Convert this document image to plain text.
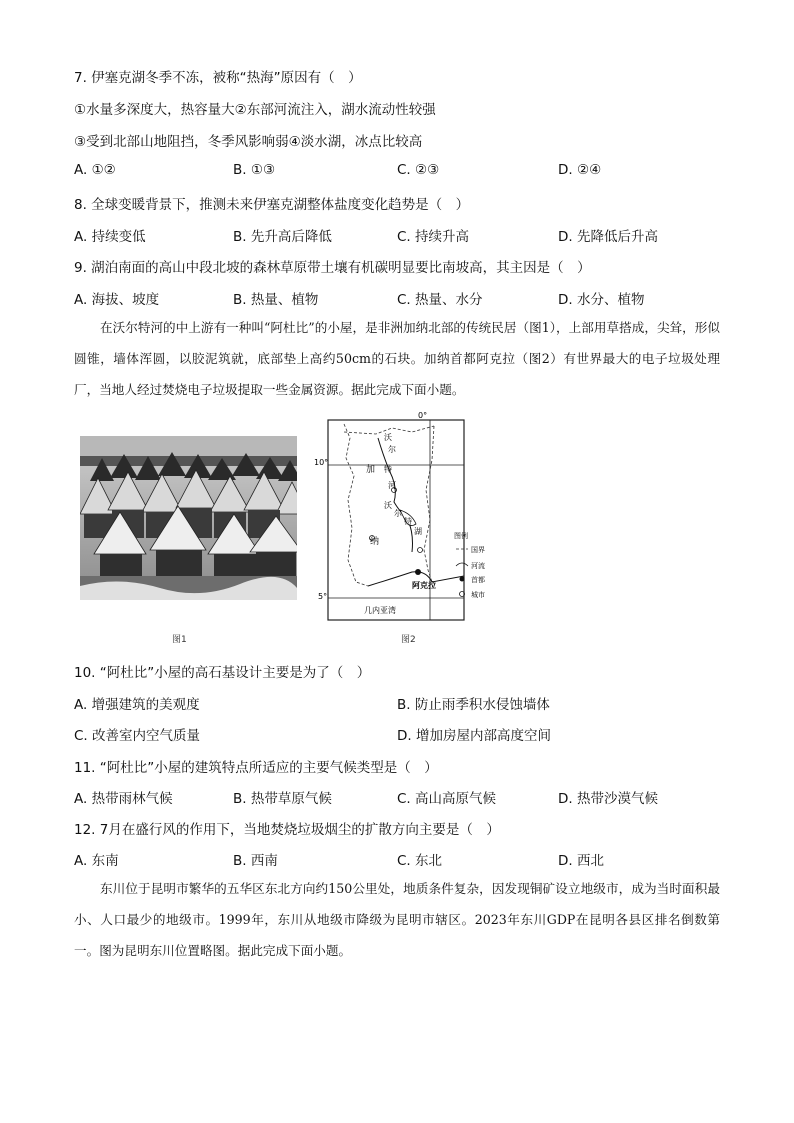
7. 伊塞克湖冬季不冻，被称“热海”原因有（　）
①水量多深度大，热容量大②东部河流注入，湖水流动性较强
③受到北部山地阻挡，冬季风影响弱④淡水湖，冰点比较高
A. ①②	B. ①③	C. ②③	D. ②④
8. 全球变暖背景下，推测未来伊塞克湖整体盐度变化趋势是（　）
A. 持续变低	B. 先升高后降低	C. 持续升高	D. 先降低后升高
9. 湖泊南面的高山中段北坡的森林草原带土壤有机碳明显要比南坡高，其主因是（　）
A. 海拔、坡度	B. 热量、植物	C. 热量、水分	D. 水分、植物

在沃尔特河的中上游有一种叫“阿杜比”的小屋，是非洲加纳北部的传统民居（图1），上部用草搭成，尖耸，形似圆锥，墙体浑圆，以胶泥筑就，底部垫上高约50cm的石块。加纳首都阿克拉（图2）有世界最大的电子垃圾处理厂，当地人经过焚烧电子垃圾提取一些金属资源。据此完成下面小题。

图1
0°
10°
5°
沃
尔
特
河
加
纳
沃
尔
特
湖
阿克拉
几内亚湾
图例
国界
河流
首都
城市
图2
10. “阿杜比”小屋的高石基设计主要是为了（　）
A. 增强建筑的美观度	B. 防止雨季积水侵蚀墙体
C. 改善室内空气质量	D. 增加房屋内部高度空间
11. “阿杜比”小屋的建筑特点所适应的主要气候类型是（　）
A. 热带雨林气候	B. 热带草原气候	C. 高山高原气候	D. 热带沙漠气候
12. 7月在盛行风的作用下，当地焚烧垃圾烟尘的扩散方向主要是（　）
A. 东南	B. 西南	C. 东北	D. 西北

东川位于昆明市繁华的五华区东北方向约150公里处，地质条件复杂，因发现铜矿设立地级市，成为当时面积最小、人口最少的地级市。1999年，东川从地级市降级为昆明市辖区。2023年东川GDP在昆明各县区排名倒数第一。图为昆明东川位置略图。据此完成下面小题。
